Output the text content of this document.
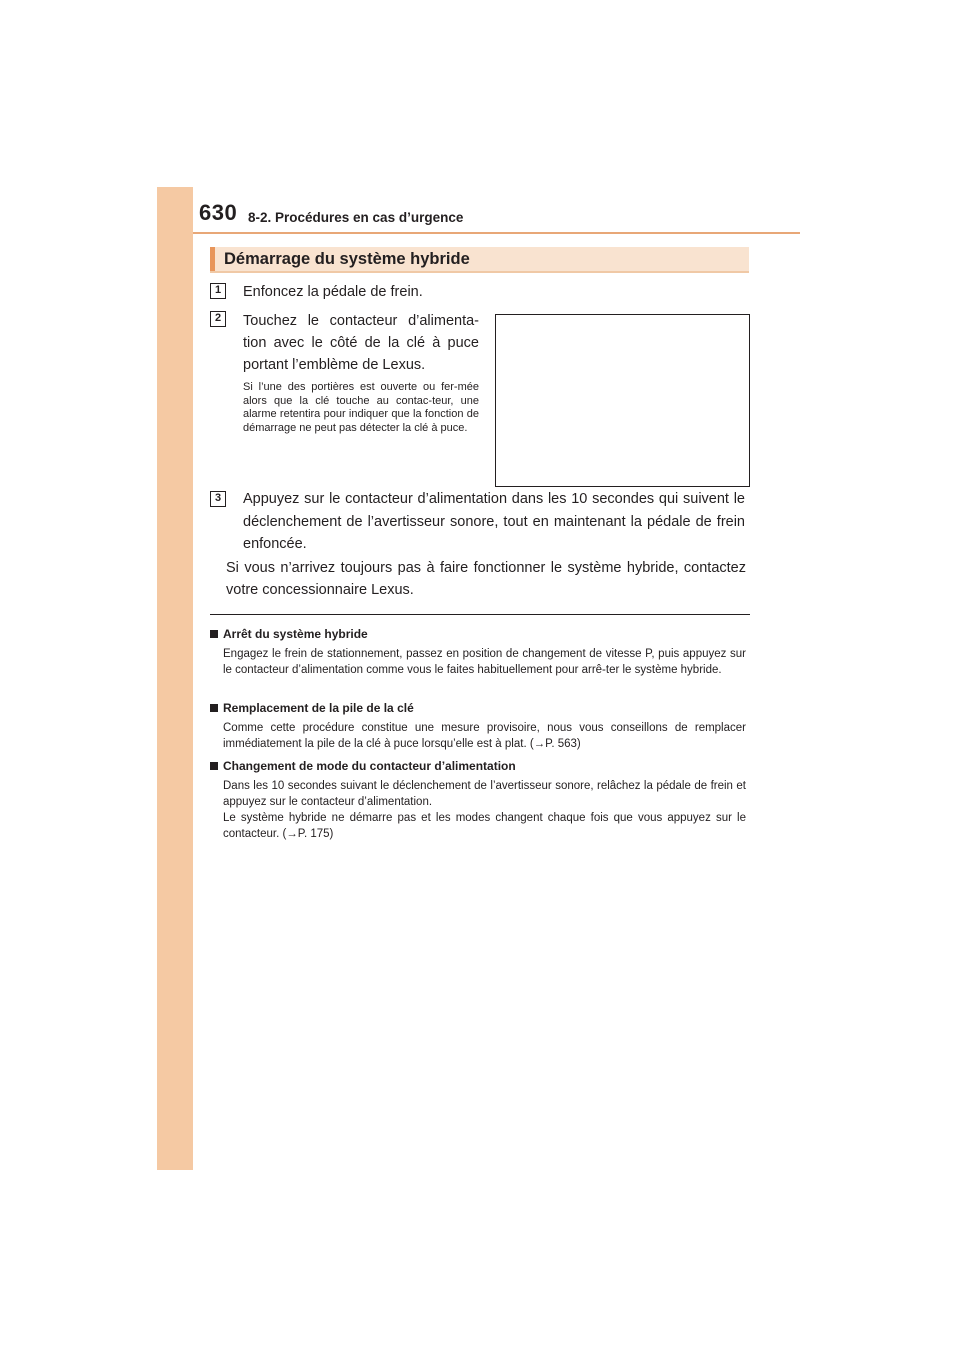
630 8-2. Procédures en cas d’urgence
Démarrage du système hybride
1	Enfoncez la pédale de frein.
2	Touchez le contacteur d’alimenta-tion avec le côté de la clé à puce portant l’emblème de Lexus.
Si l’une des portières est ouverte ou fer-mée alors que la clé touche au contac-teur, une alarme retentira pour indiquer que la fonction de démarrage ne peut pas détecter la clé à puce.
3	Appuyez sur le contacteur d’alimentation dans les 10 secondes qui suivent le déclenchement de l’avertisseur sonore, tout en maintenant la pédale de frein enfoncée.
Si vous n’arrivez toujours pas à faire fonctionner le système hybride, contactez votre concessionnaire Lexus.
Arrêt du système hybride
Engagez le frein de stationnement, passez en position de changement de vitesse P, puis appuyez sur le contacteur d’alimentation comme vous le faites habituellement pour arrê-ter le système hybride.
Remplacement de la pile de la clé
Comme cette procédure constitue une mesure provisoire, nous vous conseillons de remplacer immédiatement la pile de la clé à puce lorsqu’elle est à plat. (→P. 563)
Changement de mode du contacteur d’alimentation
Dans les 10 secondes suivant le déclenchement de l’avertisseur sonore, relâchez la pédale de frein et appuyez sur le contacteur d’alimentation.
Le système hybride ne démarre pas et les modes changent chaque fois que vous appuyez sur le contacteur. (→P. 175)
